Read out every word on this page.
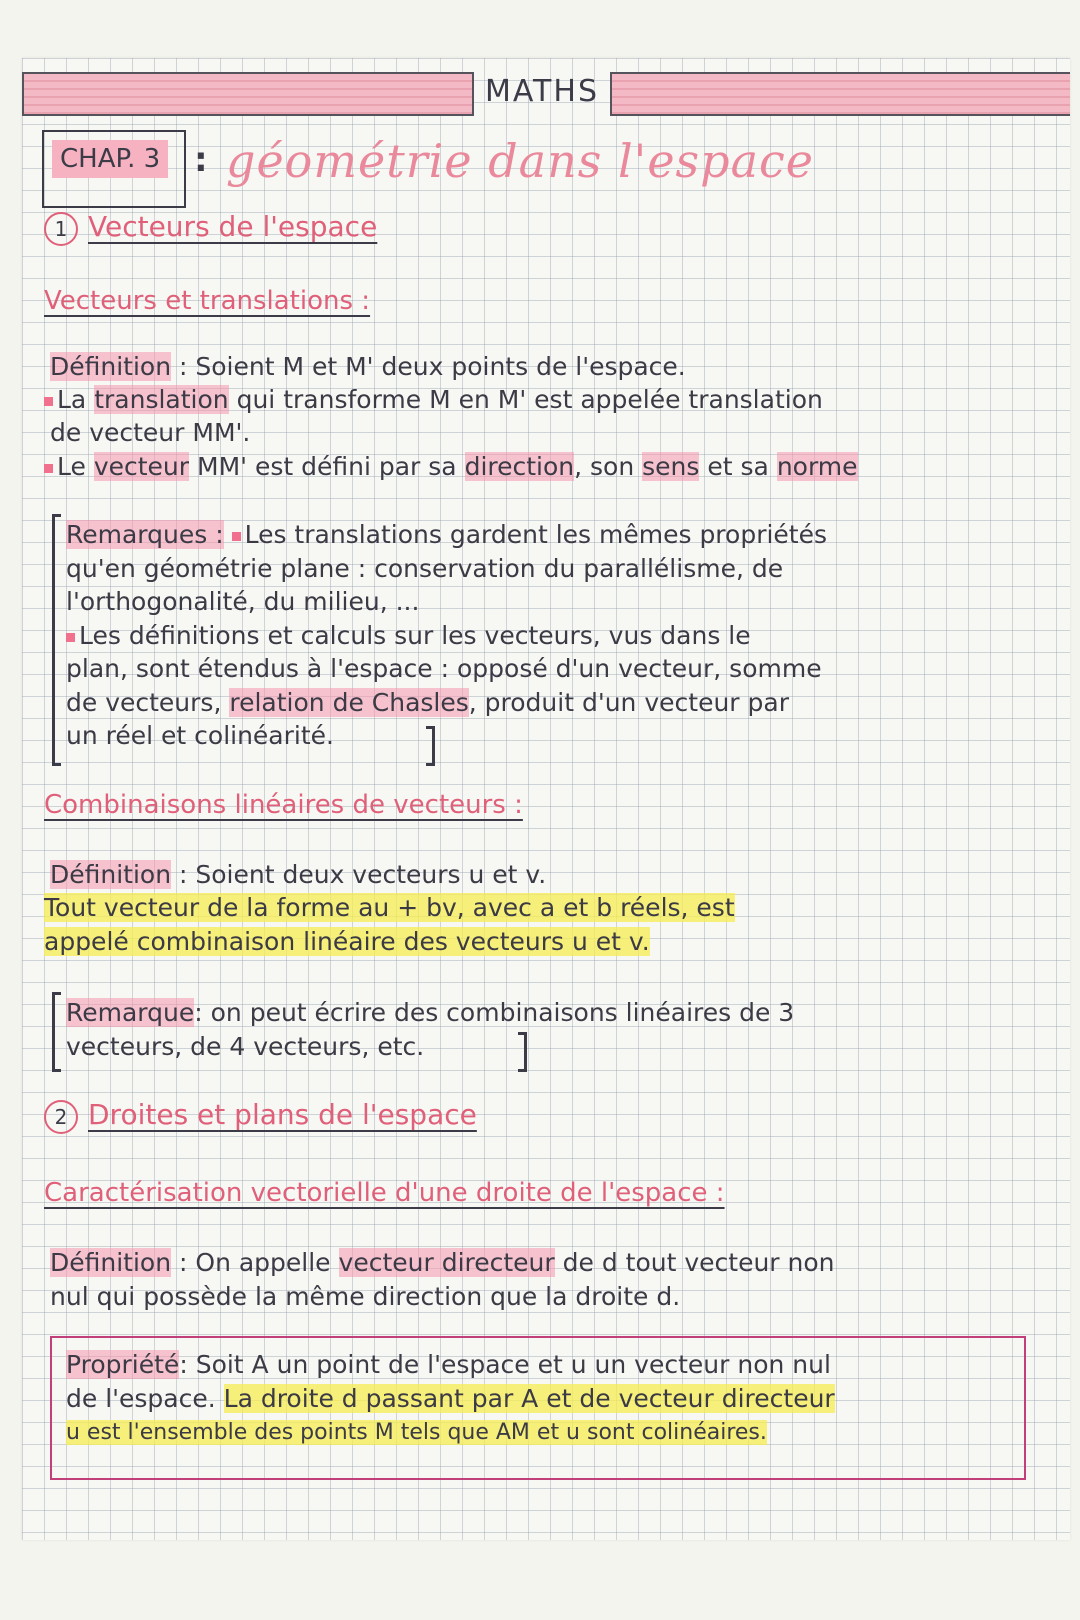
MATHS
CHAP. 3 : géométrie dans l'espace
1 Vecteurs de l'espace
Vecteurs et translations :
Définition : Soient M et M' deux points de l'espace.
La translation qui transforme M en M' est appelée translation
de vecteur MM'.
Le vecteur MM' est défini par sa direction, son sens et sa norme
Remarques : Les translations gardent les mêmes propriétés
qu'en géométrie plane : conservation du parallélisme, de
l'orthogonalité, du milieu, ...
Les définitions et calculs sur les vecteurs, vus dans le
plan, sont étendus à l'espace : opposé d'un vecteur, somme
de vecteurs, relation de Chasles, produit d'un vecteur par
un réel et colinéarité.
Combinaisons linéaires de vecteurs :
Définition : Soient deux vecteurs u et v.
Tout vecteur de la forme au + bv, avec a et b réels, est
appelé combinaison linéaire des vecteurs u et v.
Remarque: on peut écrire des combinaisons linéaires de 3
vecteurs, de 4 vecteurs, etc.
2 Droites et plans de l'espace
Caractérisation vectorielle d'une droite de l'espace :
Définition : On appelle vecteur directeur de d tout vecteur non
nul qui possède la même direction que la droite d.
Propriété: Soit A un point de l'espace et u un vecteur non nul
de l'espace. La droite d passant par A et de vecteur directeur
u est l'ensemble des points M tels que AM et u sont colinéaires.
